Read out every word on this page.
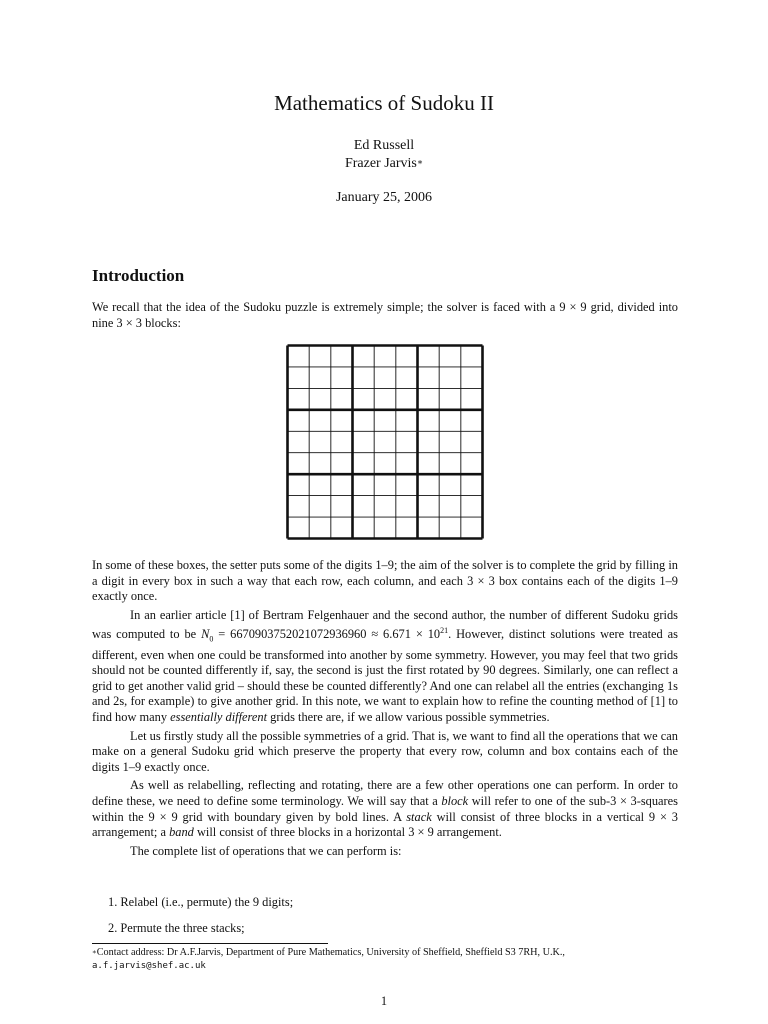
Mathematics of Sudoku II
Ed Russell
Frazer Jarvis∗
January 25, 2006
Introduction

We recall that the idea of the Sudoku puzzle is extremely simple; the solver is faced with a 9 × 9 grid, divided into nine 3 × 3 blocks:

In some of these boxes, the setter puts some of the digits 1–9; the aim of the solver is to complete the grid by filling in a digit in every box in such a way that each row, each column, and each 3 × 3 box contains each of the digits 1–9 exactly once.

In an earlier article [1] of Bertram Felgenhauer and the second author, the number of different Sudoku grids was computed to be $N_0 = 6670903752021072936960 \approx 6.671 \times 10^{21}$. However, distinct solutions were treated as different, even when one could be transformed into another by some symmetry. However, you may feel that two grids should not be counted differently if, say, the second is just the first rotated by 90 degrees. Similarly, one can reflect a grid to get another valid grid – should these be counted differently? And one can relabel all the entries (exchanging 1s and 2s, for example) to give another grid. In this note, we want to explain how to refine the counting method of [1] to find how many essentially different grids there are, if we allow various possible symmetries.

Let us firstly study all the possible symmetries of a grid. That is, we want to find all the operations that we can make on a general Sudoku grid which preserve the property that every row, column and box contains each of the digits 1–9 exactly once.

As well as relabelling, reflecting and rotating, there are a few other operations one can perform. In order to define these, we need to define some terminology. We will say that a block will refer to one of the sub-3 × 3-squares within the 9 × 9 grid with boundary given by bold lines. A stack will consist of three blocks in a vertical 9 × 3 arrangement; a band will consist of three blocks in a horizontal 3 × 9 arrangement.

The complete list of operations that we can perform is:

1. Relabel (i.e., permute) the 9 digits;
2. Permute the three stacks;
∗Contact address: Dr A.F.Jarvis, Department of Pure Mathematics, University of Sheffield, Sheffield S3 7RH, U.K.,
a.f.jarvis@shef.ac.uk
1
